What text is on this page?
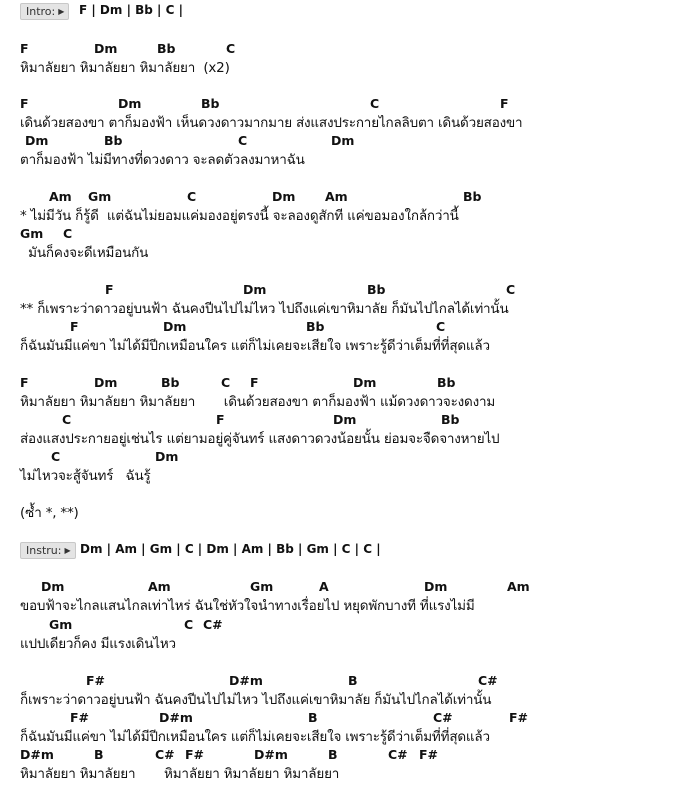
Intro: ▶	F | Dm | Bb | C |
Instru: ▶ Dm | Am | Gm | C | Dm | Am | Bb | Gm | C | C |
F	Dm	Bb	C
หิมาลัยยา หิมาลัยยา หิมาลัยยา  (x2)
F	Dm	Bb	C	F
เดินด้วยสองขา ตาก็มองฟ้า เห็นดวงดาวมากมาย ส่งแสงประกายไกลลิบตา เดินด้วยสองขา
Dm	Bb	C	Dm
ตาก็มองฟ้า ไม่มีทางที่ดวงดาว จะลดตัวลงมาหาฉัน
Am Gm	C	Dm Am	Bb
* ไม่มีวัน ก็รู้ดี  แต่ฉันไม่ยอมแค่มองอยู่ตรงนี้ จะลองดูสักที แค่ขอมองใกล้กว่านี้
Gm C
มันก็คงจะดีเหมือนกัน
F	Dm	Bb	C
** ก็เพราะว่าดาวอยู่บนฟ้า ฉันคงปีนไปไม่ไหว ไปถึงแค่เขาหิมาลัย ก็มันไปไกลได้เท่านั้น
F	Dm	Bb	C
ก็ฉันมันมีแค่ขา ไม่ได้มีปีกเหมือนใคร แต่ก็ไม่เคยจะเสียใจ เพราะรู้ดีว่าเต็มที่ที่สุดแล้ว
F	Dm	Bb	C F	Dm	Bb
หิมาลัยยา หิมาลัยยา หิมาลัยยา       เดินด้วยสองขา ตาก็มองฟ้า แม้ดวงดาวจะงดงาม
C	F	Dm	Bb
ส่องแสงประกายอยู่เช่นไร แต่ยามอยู่คู่จันทร์ แสงดาวดวงน้อยนั้น ย่อมจะจืดจางหายไป
C	Dm
ไม่ไหวจะสู้จันทร์   ฉันรู้
(ซ้ำ *, **)
Dm	Am	Gm	A	Dm	Am
ขอบฟ้าจะไกลแสนไกลเท่าไหร่ ฉันใช่หัวใจนำทางเรื่อยไป หยุดพักบางที ที่แรงไม่มี
Gm	C C#
แปปเดียวก็คง มีแรงเดินไหว
F#	D#m	B	C#
ก็เพราะว่าดาวอยู่บนฟ้า ฉันคงปีนไปไม่ไหว ไปถึงแค่เขาหิมาลัย ก็มันไปไกลได้เท่านั้น
F#	D#m	B	C#	F#
ก็ฉันมันมีแค่ขา ไม่ได้มีปีกเหมือนใคร แต่ก็ไม่เคยจะเสียใจ เพราะรู้ดีว่าเต็มที่ที่สุดแล้ว
D#m	B	C# F#	D#m	B	C# F#
หิมาลัยยา หิมาลัยยา       หิมาลัยยา หิมาลัยยา หิมาลัยยา
